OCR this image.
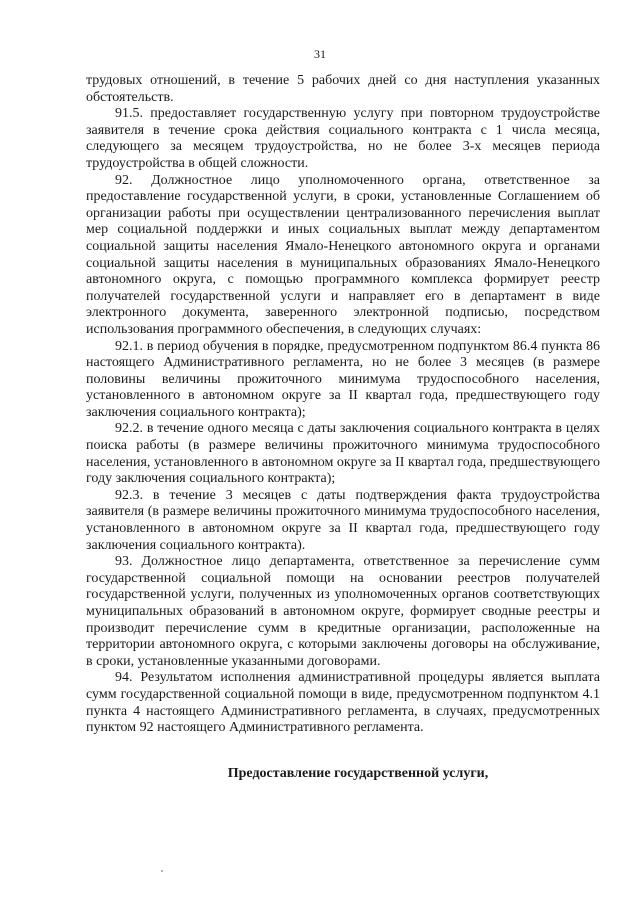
31

трудовых отношений, в течение 5 рабочих дней со дня наступления указанных обстоятельств.

91.5. предоставляет государственную услугу при повторном трудоустройстве заявителя в течение срока действия социального контракта с 1 числа месяца, следующего за месяцем трудоустройства, но не более 3-х месяцев периода трудоустройства в общей сложности.

92. Должностное лицо уполномоченного органа, ответственное за предоставление государственной услуги, в сроки, установленные Соглашением об организации работы при осуществлении централизованного перечисления выплат мер социальной поддержки и иных социальных выплат между департаментом социальной защиты населения Ямало-Ненецкого автономного округа и органами социальной защиты населения в муниципальных образованиях Ямало-Ненецкого автономного округа, с помощью программного комплекса формирует реестр получателей государственной услуги и направляет его в департамент в виде электронного документа, заверенного электронной подписью, посредством использования программного обеспечения, в следующих случаях:

92.1. в период обучения в порядке, предусмотренном подпунктом 86.4 пункта 86 настоящего Административного регламента, но не более 3 месяцев (в размере половины величины прожиточного минимума трудоспособного населения, установленного в автономном округе за II квартал года, предшествующего году заключения социального контракта);

92.2. в течение одного месяца с даты заключения социального контракта в целях поиска работы (в размере величины прожиточного минимума трудоспособного населения, установленного в автономном округе за II квартал года, предшествующего году заключения социального контракта);

92.3. в течение 3 месяцев с даты подтверждения факта трудоустройства заявителя (в размере величины прожиточного минимума трудоспособного населения, установленного в автономном округе за II квартал года, предшествующего году заключения социального контракта).

93. Должностное лицо департамента, ответственное за перечисление сумм государственной социальной помощи на основании реестров получателей государственной услуги, полученных из уполномоченных органов соответствующих муниципальных образований в автономном округе, формирует сводные реестры и производит перечисление сумм в кредитные организации, расположенные на территории автономного округа, с которыми заключены договоры на обслуживание, в сроки, установленные указанными договорами.

94. Результатом исполнения административной процедуры является выплата сумм государственной социальной помощи в виде, предусмотренном подпунктом 4.1 пункта 4 настоящего Административного регламента, в случаях, предусмотренных пунктом 92 настоящего Административного регламента.

Предоставление государственной услуги,
